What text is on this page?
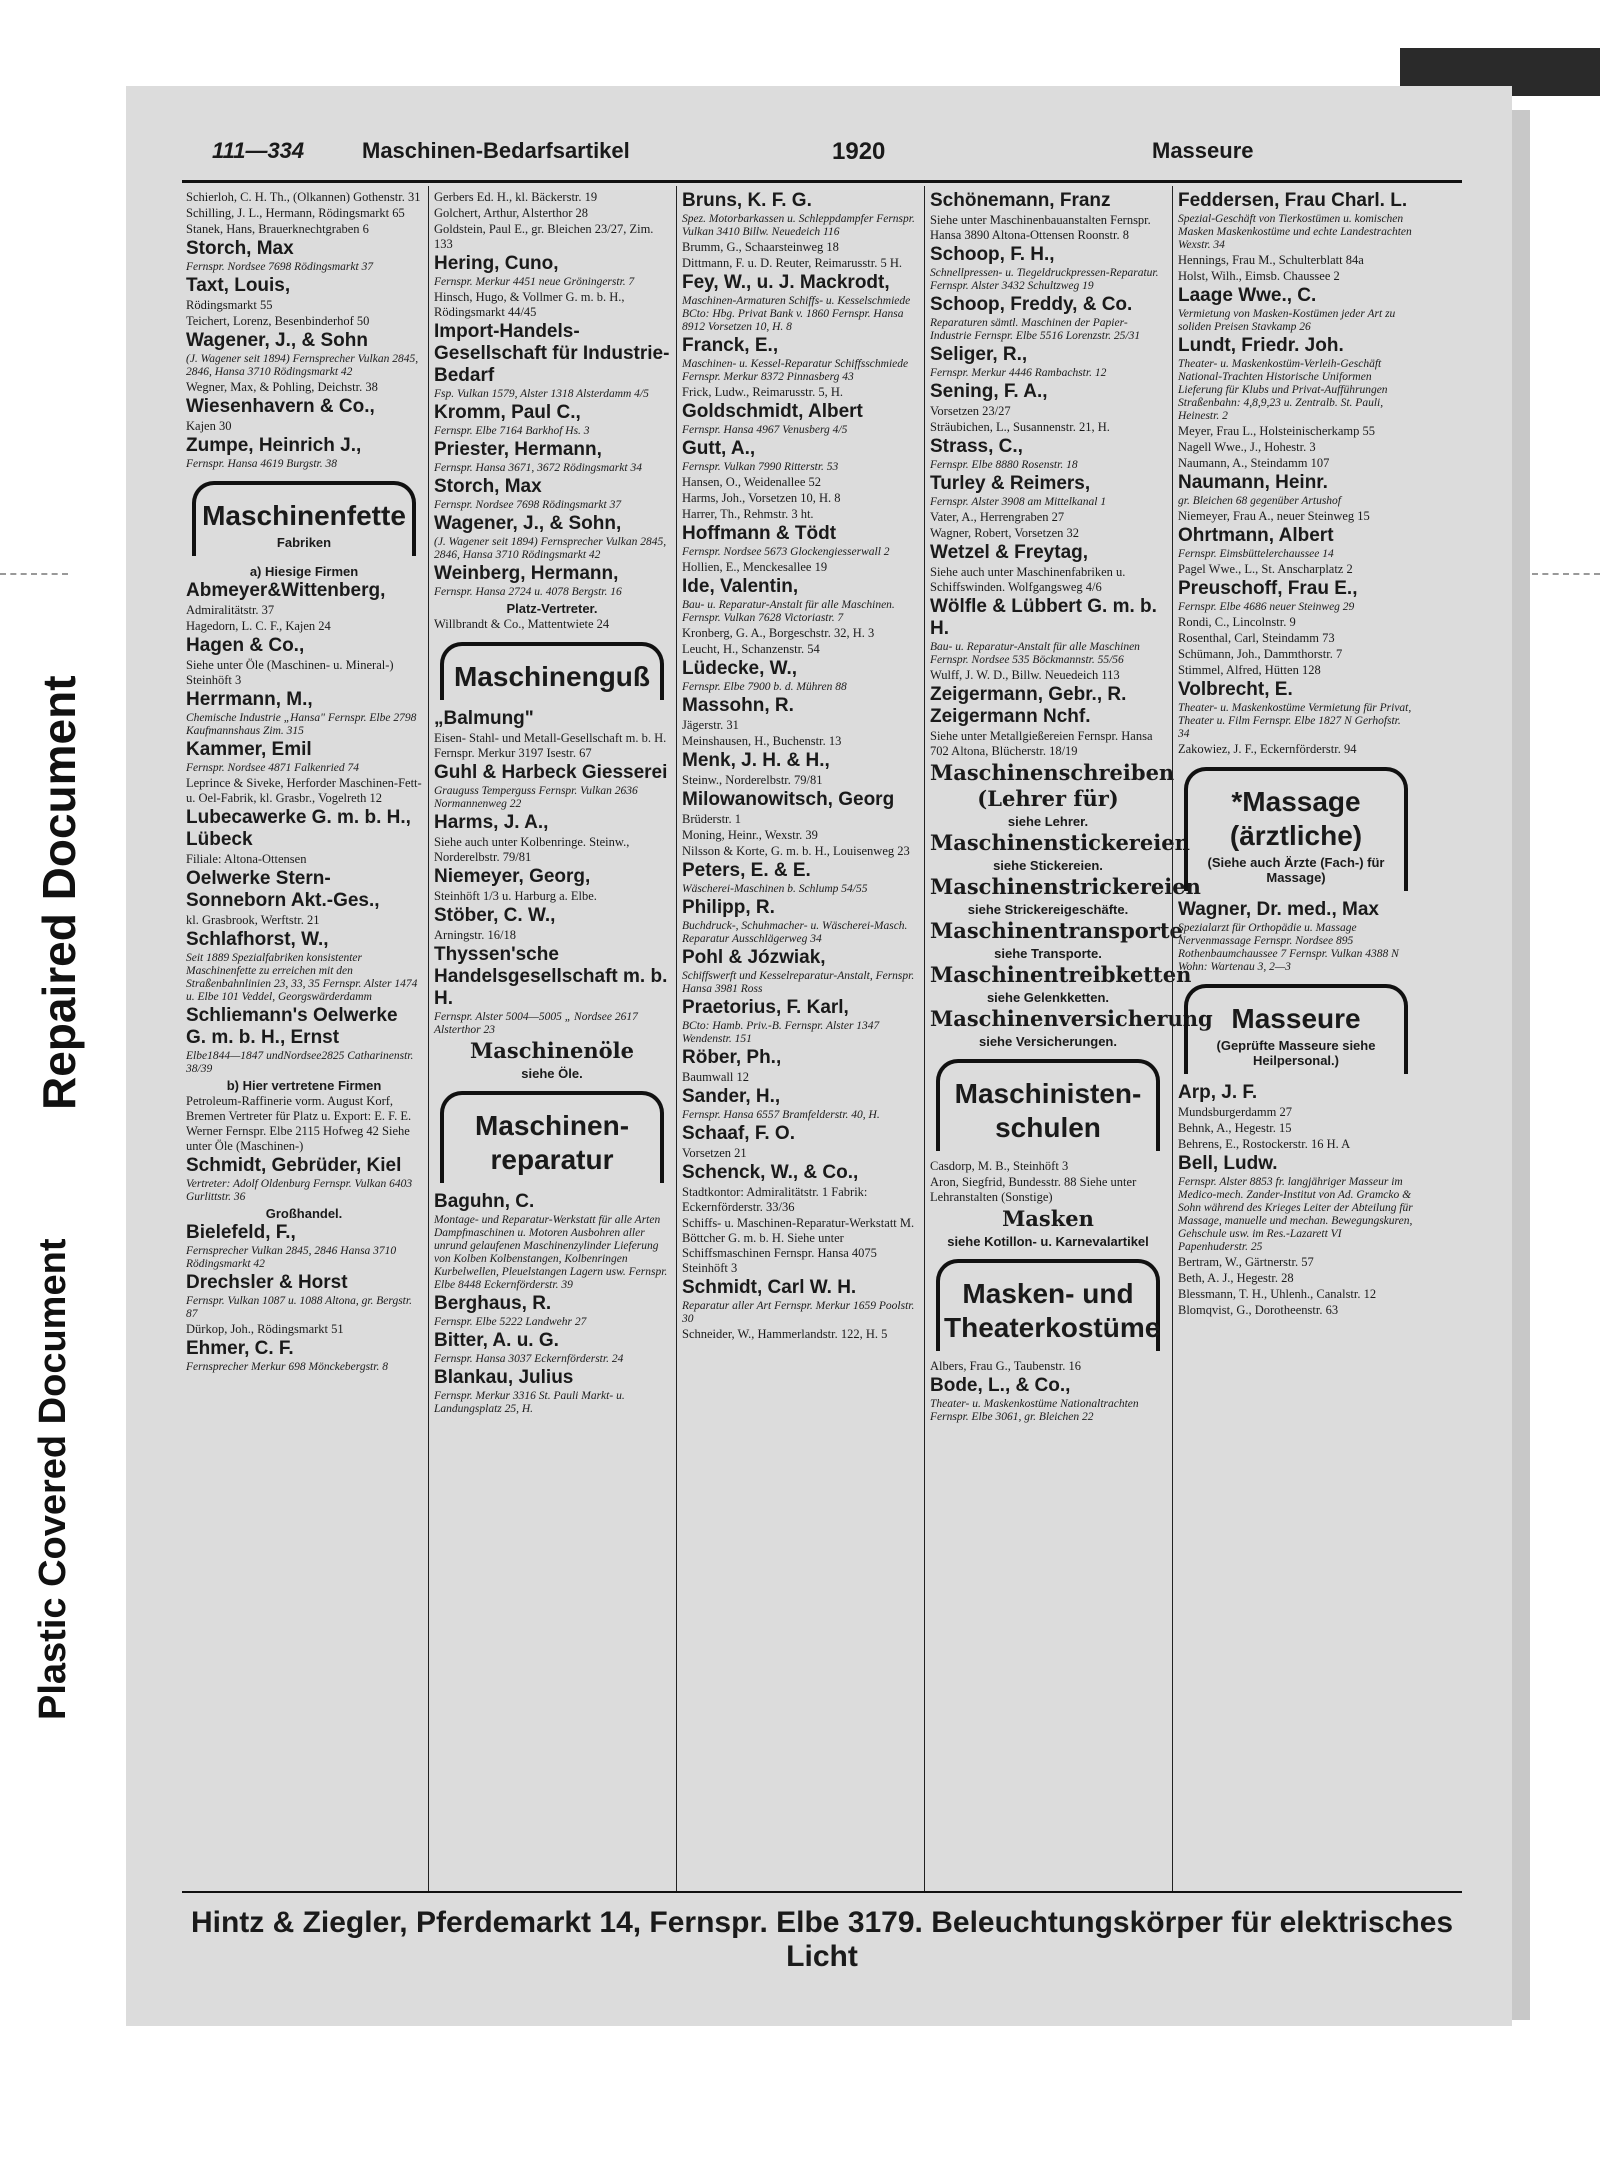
Repaired Document
Plastic Covered Document
111—334	Maschinen-Bedarfsartikel	1920	Masseure
Schierloh, C. H. Th., (Olkannen) Gothenstr. 31
Schilling, J. L., Hermann, Rödingsmarkt 65
Stanek, Hans, Brauerknechtgraben 6
Storch, Max
Fernspr. Nordsee 7698 Rödingsmarkt 37
Taxt, Louis,
Rödingsmarkt 55
Teichert, Lorenz, Besenbinderhof 50
Wagener, J., & Sohn
(J. Wagener seit 1894) Fernsprecher Vulkan 2845, 2846, Hansa 3710 Rödingsmarkt 42
Wegner, Max, & Pohling, Deichstr. 38
Wiesenhavern & Co.,
Kajen 30
Zumpe, Heinrich J.,
Fernspr. Hansa 4619 Burgstr. 38
Maschinenfette
Fabriken
a) Hiesige Firmen
Abmeyer&Wittenberg,
Admiralitätstr. 37
Hagedorn, L. C. F., Kajen 24
Hagen & Co.,
Siehe unter Öle (Maschinen- u. Mineral-) Steinhöft 3
Herrmann, M.,
Chemische Industrie „Hansa" Fernspr. Elbe 2798 Kaufmannshaus Zim. 315
Kammer, Emil
Fernspr. Nordsee 4871 Falkenried 74
Leprince & Siveke, Herforder Maschinen-Fett- u. Oel-Fabrik, kl. Grasbr., Vogelreth 12
Lubecawerke G. m. b. H., Lübeck
Filiale: Altona-Ottensen
Oelwerke Stern-Sonneborn Akt.-Ges.,
kl. Grasbrook, Werftstr. 21
Schlafhorst, W.,
Seit 1889 Spezialfabriken konsistenter Maschinenfette zu erreichen mit den Straßenbahnlinien 23, 33, 35 Fernspr. Alster 1474 u. Elbe 101 Veddel, Georgswärderdamm
Schliemann's Oelwerke G. m. b. H., Ernst
Elbe1844—1847 undNordsee2825 Catharinenstr. 38/39
b) Hier vertretene Firmen
Petroleum-Raffinerie vorm. August Korf, Bremen Vertreter für Platz u. Export: E. F. E. Werner Fernspr. Elbe 2115 Hofweg 42 Siehe unter Öle (Maschinen-)
Schmidt, Gebrüder, Kiel
Vertreter: Adolf Oldenburg Fernspr. Vulkan 6403 Gurlittstr. 36
Großhandel.
Bielefeld, F.,
Fernsprecher Vulkan 2845, 2846 Hansa 3710 Rödingsmarkt 42
Drechsler & Horst
Fernspr. Vulkan 1087 u. 1088 Altona, gr. Bergstr. 87
Dürkop, Joh., Rödingsmarkt 51
Ehmer, C. F.
Fernsprecher Merkur 698 Mönckebergstr. 8
Gerbers Ed. H., kl. Bäckerstr. 19
Golchert, Arthur, Alsterthor 28
Goldstein, Paul E., gr. Bleichen 23/27, Zim. 133
Hering, Cuno,
Fernspr. Merkur 4451 neue Gröningerstr. 7
Hinsch, Hugo, & Vollmer G. m. b. H., Rödingsmarkt 44/45
Import-Handels-Gesellschaft für Industrie-Bedarf
Fsp. Vulkan 1579, Alster 1318 Alsterdamm 4/5
Kromm, Paul C.,
Fernspr. Elbe 7164 Barkhof Hs. 3
Priester, Hermann,
Fernspr. Hansa 3671, 3672 Rödingsmarkt 34
Storch, Max
Fernspr. Nordsee 7698 Rödingsmarkt 37
Wagener, J., & Sohn,
(J. Wagener seit 1894) Fernsprecher Vulkan 2845, 2846, Hansa 3710 Rödingsmarkt 42
Weinberg, Hermann,
Fernspr. Hansa 2724 u. 4078 Bergstr. 16
Platz-Vertreter.
Willbrandt & Co., Mattentwiete 24
Maschinenguß
„Balmung"
Eisen- Stahl- und Metall-Gesellschaft m. b. H. Fernspr. Merkur 3197 Isestr. 67
Guhl & Harbeck Giesserei
Grauguss Temperguss Fernspr. Vulkan 2636 Normannenweg 22
Harms, J. A.,
Siehe auch unter Kolbenringe. Steinw., Norderelbstr. 79/81
Niemeyer, Georg,
Steinhöft 1/3 u. Harburg a. Elbe.
Stöber, C. W.,
Arningstr. 16/18
Thyssen'sche Handelsgesellschaft m. b. H.
Fernspr. Alster 5004—5005 „ Nordsee 2617 Alsterthor 23
Maschinenöle
siehe Öle.
Maschinen-reparatur
Baguhn, C.
Montage- und Reparatur-Werkstatt für alle Arten Dampfmaschinen u. Motoren Ausbohren aller unrund gelaufenen Maschinenzylinder Lieferung von Kolben Kolbenstangen, Kolbenringen Kurbelwellen, Pleuelstangen Lagern usw. Fernspr. Elbe 8448 Eckernförderstr. 39
Berghaus, R.
Fernspr. Elbe 5222 Landwehr 27
Bitter, A. u. G.
Fernspr. Hansa 3037 Eckernförderstr. 24
Blankau, Julius
Fernspr. Merkur 3316 St. Pauli Markt- u. Landungsplatz 25, H.
Bruns, K. F. G.
Spez. Motorbarkassen u. Schleppdampfer Fernspr. Vulkan 3410 Billw. Neuedeich 116
Brumm, G., Schaarsteinweg 18
Dittmann, F. u. D. Reuter, Reimarusstr. 5 H.
Fey, W., u. J. Mackrodt,
Maschinen-Armaturen Schiffs- u. Kesselschmiede BCto: Hbg. Privat Bank v. 1860 Fernspr. Hansa 8912 Vorsetzen 10, H. 8
Franck, E.,
Maschinen- u. Kessel-Reparatur Schiffsschmiede Fernspr. Merkur 8372 Pinnasberg 43
Frick, Ludw., Reimarusstr. 5, H.
Goldschmidt, Albert
Fernspr. Hansa 4967 Venusberg 4/5
Gutt, A.,
Fernspr. Vulkan 7990 Ritterstr. 53
Hansen, O., Weidenallee 52
Harms, Joh., Vorsetzen 10, H. 8
Harrer, Th., Rehmstr. 3 ht.
Hoffmann & Tödt
Fernspr. Nordsee 5673 Glockengiesserwall 2
Hollien, E., Menckesallee 19
Ide, Valentin,
Bau- u. Reparatur-Anstalt für alle Maschinen. Fernspr. Vulkan 7628 Victoriastr. 7
Kronberg, G. A., Borgeschstr. 32, H. 3
Leucht, H., Schanzenstr. 54
Lüdecke, W.,
Fernspr. Elbe 7900 b. d. Mühren 88
Massohn, R.
Jägerstr. 31
Meinshausen, H., Buchenstr. 13
Menk, J. H. & H.,
Steinw., Norderelbstr. 79/81
Milowanowitsch, Georg
Brüderstr. 1
Moning, Heinr., Wexstr. 39
Nilsson & Korte, G. m. b. H., Louisenweg 23
Peters, E. & E.
Wäscherei-Maschinen b. Schlump 54/55
Philipp, R.
Buchdruck-, Schuhmacher- u. Wäscherei-Masch. Reparatur Ausschlägerweg 34
Pohl & Józwiak,
Schiffswerft und Kesselreparatur-Anstalt, Fernspr. Hansa 3981 Ross
Praetorius, F. Karl,
BCto: Hamb. Priv.-B. Fernspr. Alster 1347 Wendenstr. 151
Röber, Ph.,
Baumwall 12
Sander, H.,
Fernspr. Hansa 6557 Bramfelderstr. 40, H.
Schaaf, F. O.
Vorsetzen 21
Schenck, W., & Co.,
Stadtkontor: Admiralitätstr. 1 Fabrik: Eckernförderstr. 33/36
Schiffs- u. Maschinen-Reparatur-Werkstatt M. Böttcher G. m. b. H. Siehe unter Schiffsmaschinen Fernspr. Hansa 4075 Steinhöft 3
Schmidt, Carl W. H.
Reparatur aller Art Fernspr. Merkur 1659 Poolstr. 30
Schneider, W., Hammerlandstr. 122, H. 5
Schönemann, Franz
Siehe unter Maschinenbauanstalten Fernspr. Hansa 3890 Altona-Ottensen Roonstr. 8
Schoop, F. H.,
Schnellpressen- u. Tiegeldruckpressen-Reparatur. Fernspr. Alster 3432 Schultzweg 19
Schoop, Freddy, & Co.
Reparaturen sämtl. Maschinen der Papier-Industrie Fernspr. Elbe 5516 Lorenzstr. 25/31
Seliger, R.,
Fernspr. Merkur 4446 Rambachstr. 12
Sening, F. A.,
Vorsetzen 23/27
Sträubichen, L., Susannenstr. 21, H.
Strass, C.,
Fernspr. Elbe 8880 Rosenstr. 18
Turley & Reimers,
Fernspr. Alster 3908 am Mittelkanal 1
Vater, A., Herrengraben 27
Wagner, Robert, Vorsetzen 32
Wetzel & Freytag,
Siehe auch unter Maschinenfabriken u. Schiffswinden. Wolfgangsweg 4/6
Wölfle & Lübbert G. m. b. H.
Bau- u. Reparatur-Anstalt für alle Maschinen Fernspr. Nordsee 535 Böckmannstr. 55/56
Wulff, J. W. D., Billw. Neuedeich 113
Zeigermann, Gebr., R. Zeigermann Nchf.
Siehe unter Metallgießereien Fernspr. Hansa 702 Altona, Blücherstr. 18/19
Maschinenschreiben (Lehrer für)
siehe Lehrer.
Maschinenstickereien
siehe Stickereien.
Maschinenstrickereien
siehe Strickereigeschäfte.
Maschinentransporte
siehe Transporte.
Maschinentreibketten
siehe Gelenkketten.
Maschinenversicherung
siehe Versicherungen.
Maschinisten-schulen
Casdorp, M. B., Steinhöft 3
Aron, Siegfrid, Bundesstr. 88 Siehe unter Lehranstalten (Sonstige)
Masken
siehe Kotillon- u. Karnevalartikel
Masken- und Theaterkostüme
Albers, Frau G., Taubenstr. 16
Bode, L., & Co.,
Theater- u. Maskenkostüme Nationaltrachten Fernspr. Elbe 3061, gr. Bleichen 22
Feddersen, Frau Charl. L.
Spezial-Geschäft von Tierkostümen u. komischen Masken Maskenkostüme und echte Landestrachten Wexstr. 34
Hennings, Frau M., Schulterblatt 84a
Holst, Wilh., Eimsb. Chaussee 2
Laage Wwe., C.
Vermietung von Masken-Kostümen jeder Art zu soliden Preisen Stavkamp 26
Lundt, Friedr. Joh.
Theater- u. Maskenkostüm-Verleih-Geschäft National-Trachten Historische Uniformen Lieferung für Klubs und Privat-Aufführungen Straßenbahn: 4,8,9,23 u. Zentralb. St. Pauli, Heinestr. 2
Meyer, Frau L., Holsteinischerkamp 55
Nagell Wwe., J., Hohestr. 3
Naumann, A., Steindamm 107
Naumann, Heinr.
gr. Bleichen 68 gegenüber Artushof
Niemeyer, Frau A., neuer Steinweg 15
Ohrtmann, Albert
Fernspr. Eimsbüttelerchaussee 14
Pagel Wwe., L., St. Anscharplatz 2
Preuschoff, Frau E.,
Fernspr. Elbe 4686 neuer Steinweg 29
Rondi, C., Lincolnstr. 9
Rosenthal, Carl, Steindamm 73
Schümann, Joh., Dammthorstr. 7
Stimmel, Alfred, Hütten 128
Volbrecht, E.
Theater- u. Maskenkostüme Vermietung für Privat, Theater u. Film Fernspr. Elbe 1827 N Gerhofstr. 34
Zakowiez, J. F., Eckernförderstr. 94
*Massage (ärztliche)
(Siehe auch Ärzte (Fach-) für Massage)
Wagner, Dr. med., Max
Spezialarzt für Orthopädie u. Massage Nervenmassage Fernspr. Nordsee 895 Rothenbaumchaussee 7 Fernspr. Vulkan 4388 N Wohn: Wartenau 3, 2—3
Masseure
(Geprüfte Masseure siehe Heilpersonal.)
Arp, J. F.
Mundsburgerdamm 27
Behnk, A., Hegestr. 15
Behrens, E., Rostockerstr. 16 H. A
Bell, Ludw.
Fernspr. Alster 8853 fr. langjähriger Masseur im Medico-mech. Zander-Institut von Ad. Gramcko & Sohn während des Krieges Leiter der Abteilung für Massage, manuelle und mechan. Bewegungskuren, Gehschule usw. im Res.-Lazarett VI Papenhuderstr. 25
Bertram, W., Gärtnerstr. 57
Beth, A. J., Hegestr. 28
Blessmann, T. H., Uhlenh., Canalstr. 12
Blomqvist, G., Dorotheenstr. 63
Hintz & Ziegler, Pferdemarkt 14, Fernspr. Elbe 3179. Beleuchtungskörper für elektrisches Licht
